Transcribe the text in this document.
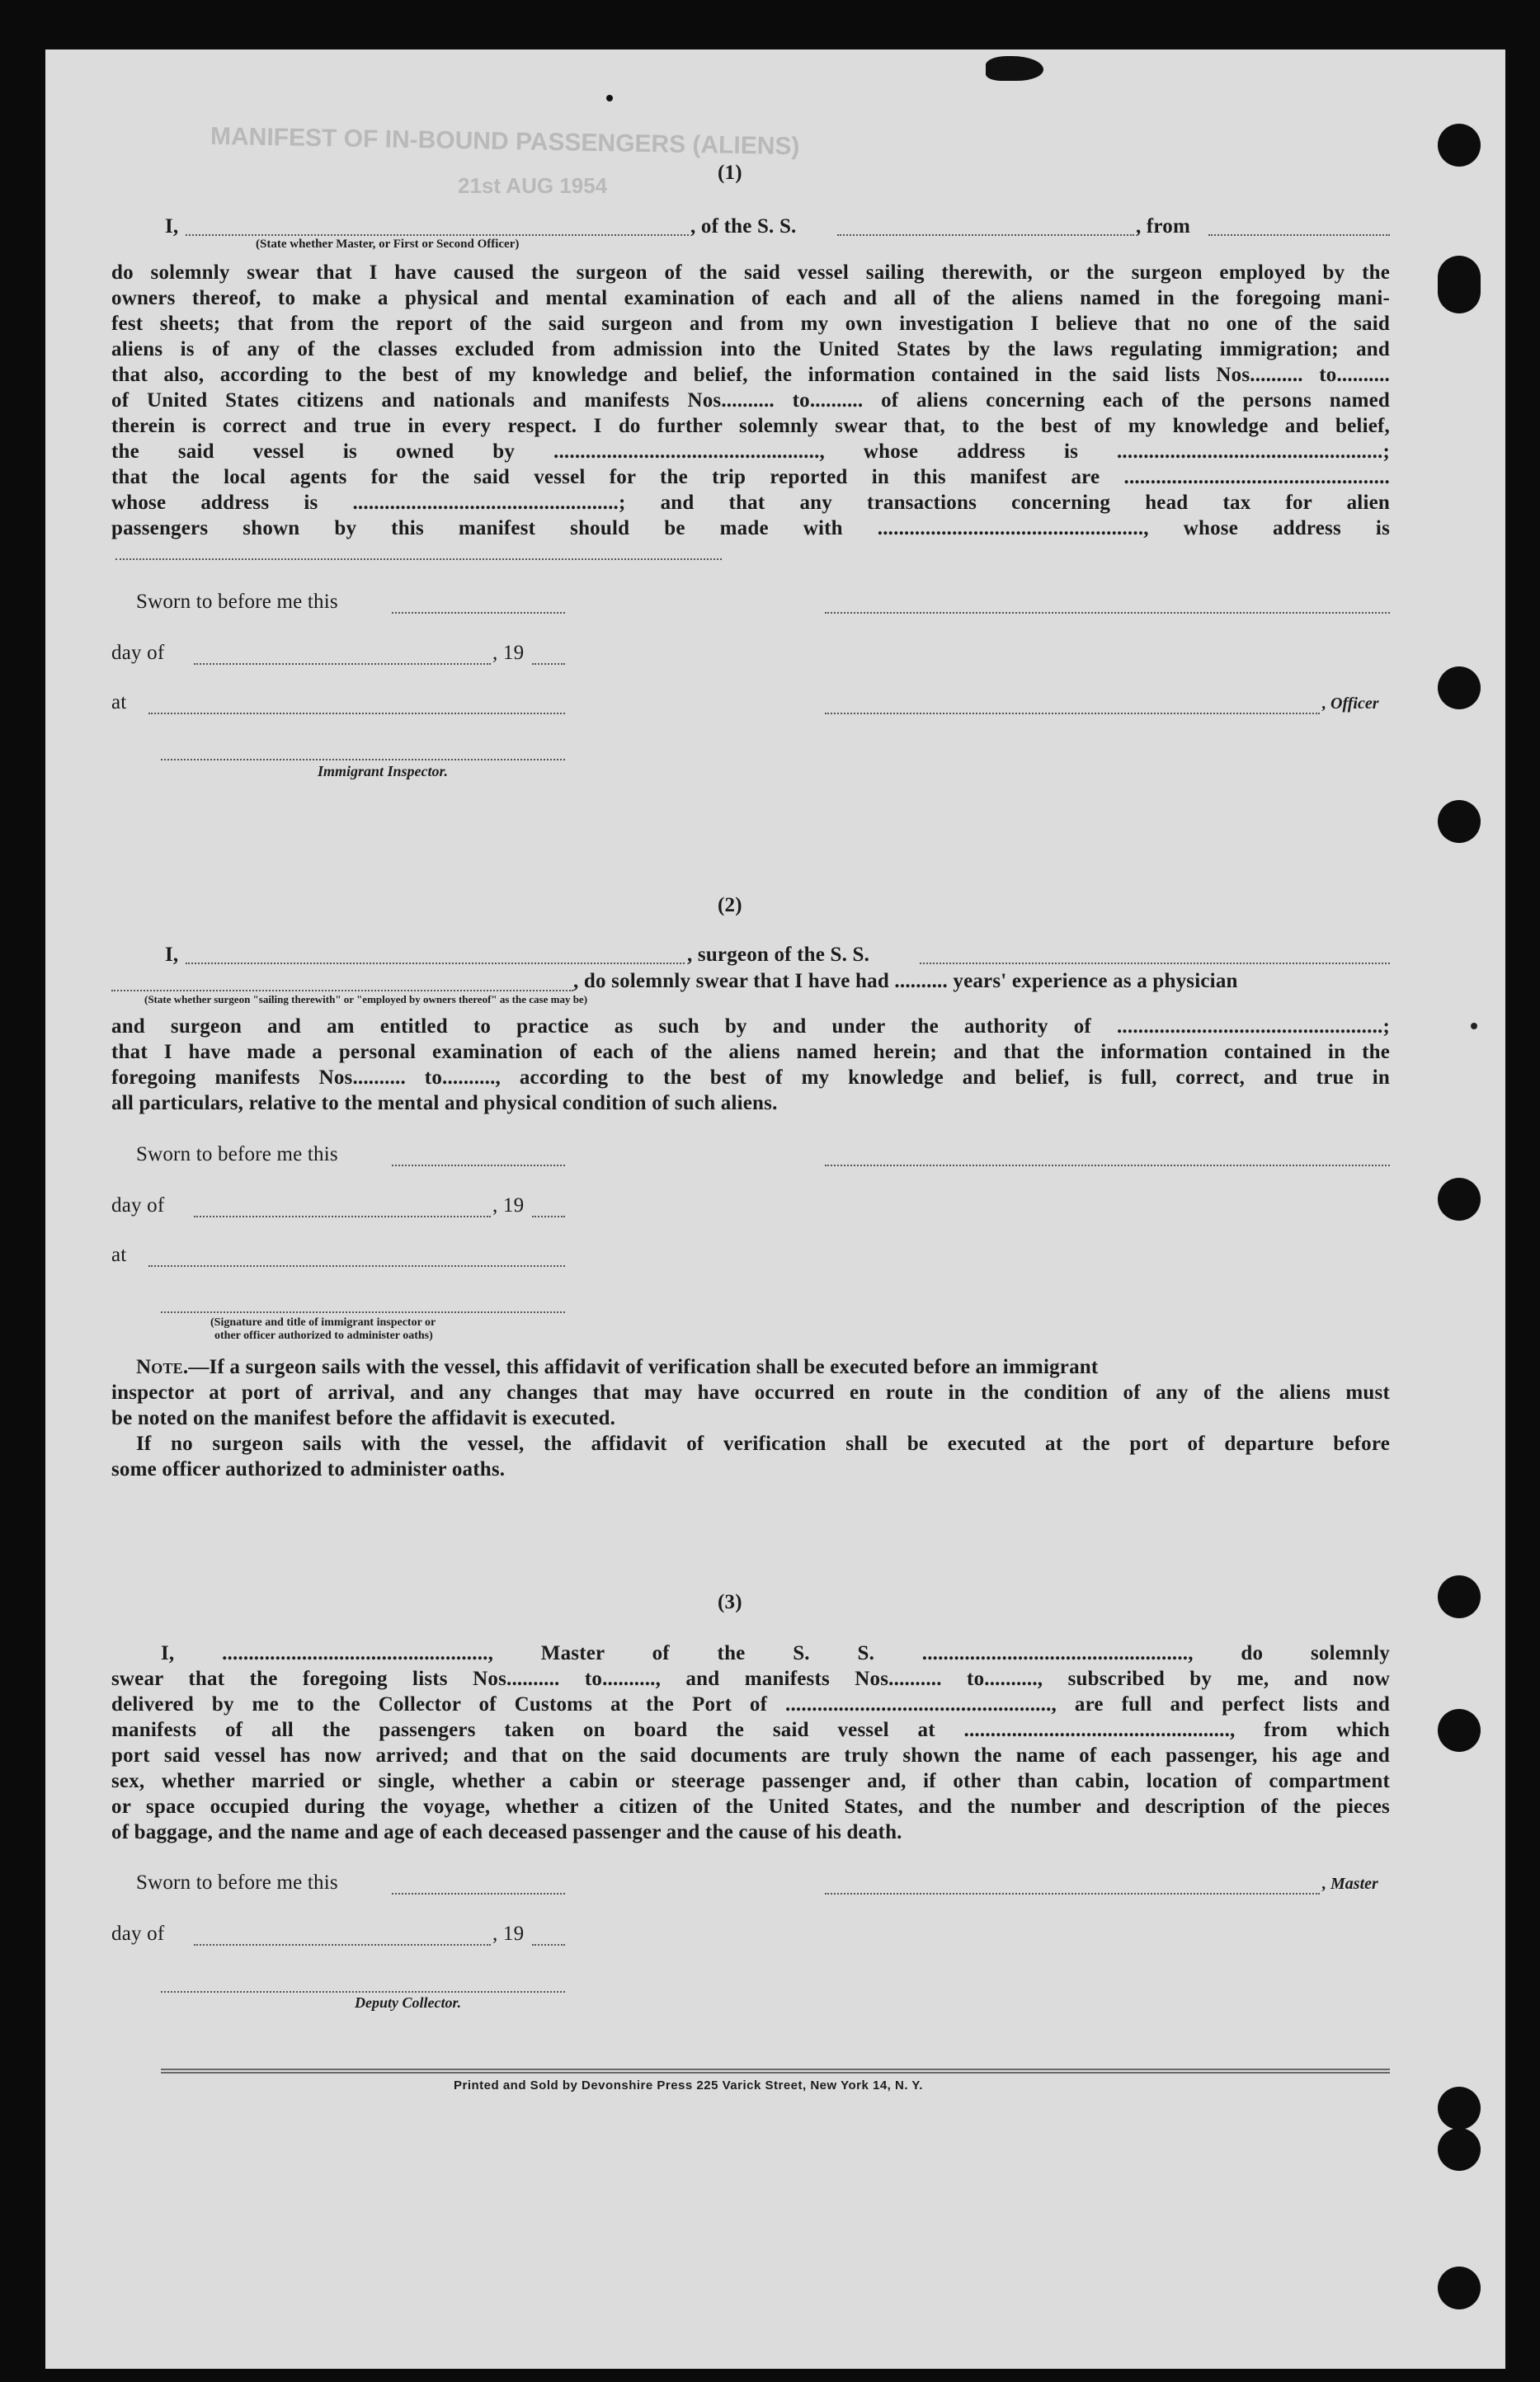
MANIFEST OF IN-BOUND PASSENGERS (ALIENS)
21st AUG 1954
(1)
I,	, of the S. S.	, from
(State whether Master, or First or Second Officer)
do solemnly swear that I have caused the surgeon of the said vessel sailing therewith, or the surgeon employed by the
owners thereof, to make a physical and mental examination of each and all of the aliens named in the foregoing mani-
fest sheets; that from the report of the said surgeon and from my own investigation I believe that no one of the said
aliens is of any of the classes excluded from admission into the United States by the laws regulating immigration; and
that also, according to the best of my knowledge and belief, the information contained in the said lists Nos.......... to..........
of United States citizens and nationals and manifests Nos.......... to.......... of aliens concerning each of the persons named
therein is correct and true in every respect. I do further solemnly swear that, to the best of my knowledge and belief,
the said vessel is owned by .................................................., whose address is ..................................................;
that the local agents for the said vessel for the trip reported in this manifest are ..................................................
whose address is ..................................................; and that any transactions concerning head tax for alien
passengers shown by this manifest should be made with .................................................., whose address is
Sworn to before me this
day of	, 19
at	, Officer
Immigrant Inspector.
(2)
I,	, surgeon of the S. S.
, do solemnly swear that I have had .......... years' experience as a physician
(State whether surgeon "sailing therewith" or "employed by owners thereof" as the case may be)
and surgeon and am entitled to practice as such by and under the authority of ..................................................;
that I have made a personal examination of each of the aliens named herein; and that the information contained in the
foregoing manifests Nos.......... to.........., according to the best of my knowledge and belief, is full, correct, and true in
all particulars, relative to the mental and physical condition of such aliens.
Sworn to before me this
day of	, 19
at
(Signature and title of immigrant inspector or
other officer authorized to administer oaths)
Note.—If a surgeon sails with the vessel, this affidavit of verification shall be executed before an immigrant
inspector at port of arrival, and any changes that may have occurred en route in the condition of any of the aliens must
be noted on the manifest before the affidavit is executed.
If no surgeon sails with the vessel, the affidavit of verification shall be executed at the port of departure before
some officer authorized to administer oaths.
(3)
I, .................................................., Master of the S. S. .................................................., do solemnly
swear that the foregoing lists Nos.......... to.........., and manifests Nos.......... to.........., subscribed by me, and now
delivered by me to the Collector of Customs at the Port of .................................................., are full and perfect lists and
manifests of all the passengers taken on board the said vessel at .................................................., from which
port said vessel has now arrived; and that on the said documents are truly shown the name of each passenger, his age and
sex, whether married or single, whether a cabin or steerage passenger and, if other than cabin, location of compartment
or space occupied during the voyage, whether a citizen of the United States, and the number and description of the pieces
of baggage, and the name and age of each deceased passenger and the cause of his death.
Sworn to before me this	, Master
day of	, 19
Deputy Collector.
Printed and Sold by Devonshire Press 225 Varick Street, New York 14, N. Y.
